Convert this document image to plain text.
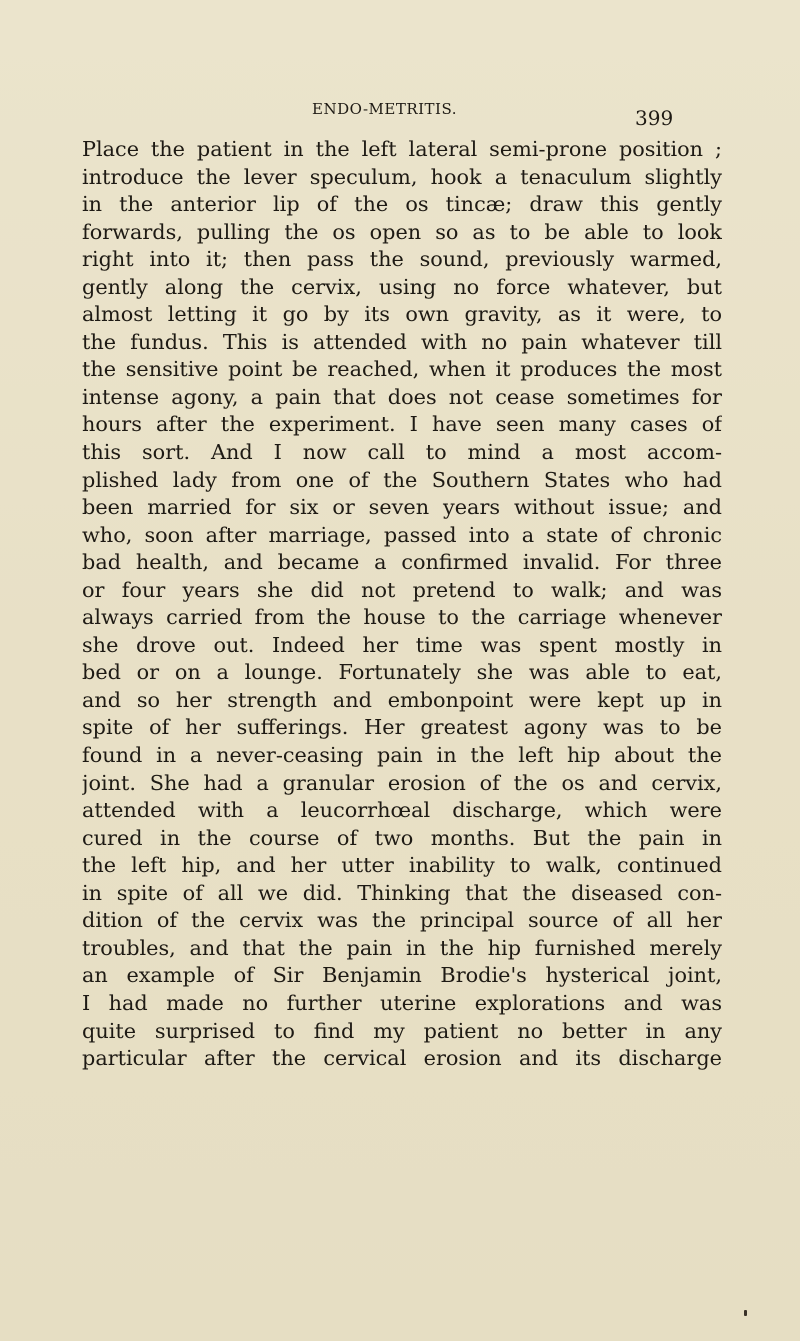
ENDO-METRITIS.	399
Place the patient in the left lateral semi-prone position ;
introduce the lever speculum, hook a tenaculum slightly
in the anterior lip of the os tincæ; draw this gently
forwards, pulling the os open so as to be able to look
right into it; then pass the sound, previously warmed,
gently along the cervix, using no force whatever, but
almost letting it go by its own gravity, as it were, to
the fundus. This is attended with no pain whatever till
the sensitive point be reached, when it produces the most
intense agony, a pain that does not cease sometimes for
hours after the experiment. I have seen many cases of
this sort. And I now call to mind a most accom-
plished lady from one of the Southern States who had
been married for six or seven years without issue; and
who, soon after marriage, passed into a state of chronic
bad health, and became a confirmed invalid. For three
or four years she did not pretend to walk; and was
always carried from the house to the carriage whenever
she drove out. Indeed her time was spent mostly in
bed or on a lounge. Fortunately she was able to eat,
and so her strength and embonpoint were kept up in
spite of her sufferings. Her greatest agony was to be
found in a never-ceasing pain in the left hip about the
joint. She had a granular erosion of the os and cervix,
attended with a leucorrhœal discharge, which were
cured in the course of two months. But the pain in
the left hip, and her utter inability to walk, continued
in spite of all we did. Thinking that the diseased con-
dition of the cervix was the principal source of all her
troubles, and that the pain in the hip furnished merely
an example of Sir Benjamin Brodie's hysterical joint,
I had made no further uterine explorations and was
quite surprised to find my patient no better in any
particular after the cervical erosion and its discharge
